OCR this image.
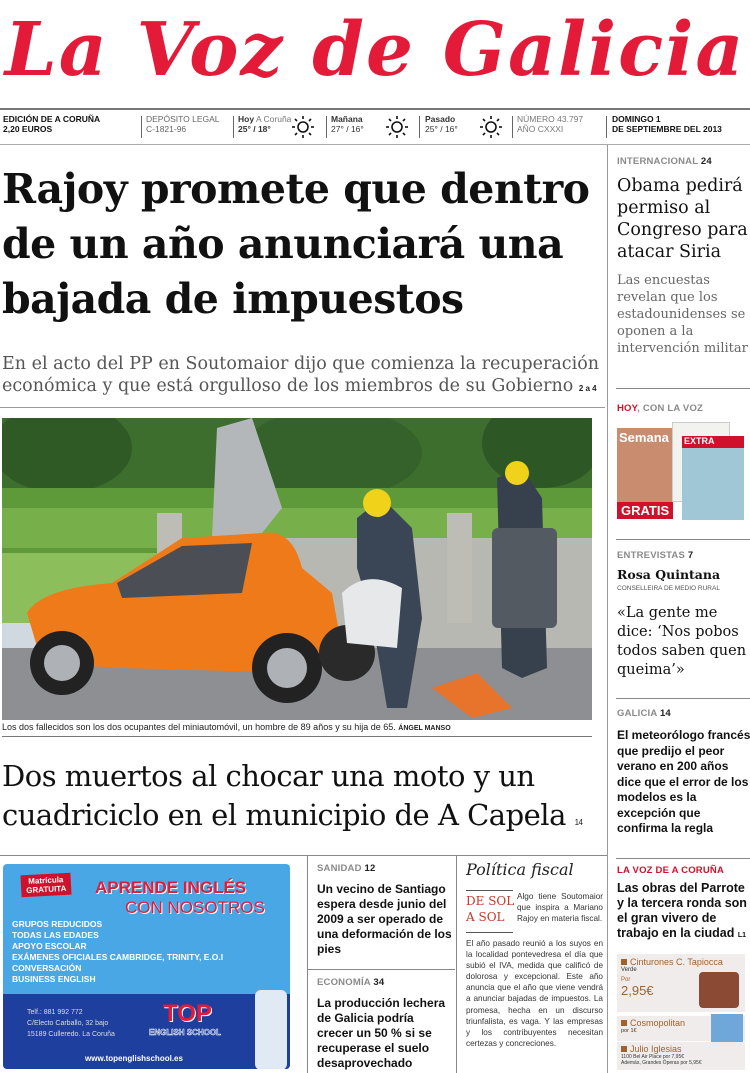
La Voz de Galicia
EDICIÓN DE A CORUÑA
2,20 EUROS
DEPÓSITO LEGAL
C-1821-96
Hoy A Coruña
25° / 18°
Mañana
27° / 16°
Pasado
25° / 16°
NÚMERO 43.797
AÑO CXXXI
DOMINGO 1
DE SEPTIEMBRE DEL 2013
Rajoy promete que dentro de un año anunciará una bajada de impuestos
En el acto del PP en Soutomaior dijo que comienza la recuperación económica y que está orgulloso de los miembros de su Gobierno 2 a 4
Los dos fallecidos son los dos ocupantes del miniautomóvil, un hombre de 89 años y su hija de 65. ÁNGEL MANSO
Dos muertos al chocar una moto y un cuadriciclo en el municipio de A Capela 14
INTERNACIONAL 24
Obama pedirá permiso al Congreso para atacar Siria
Las encuestas revelan que los estadounidenses se oponen a la intervención militar
HOY, CON LA VOZ
Semana	EXTRA
GRATIS
ENTREVISTAS 7
Rosa Quintana
CONSELLEIRA DE MEDIO RURAL
«La gente me dice: ‘Nos pobos todos saben quen queima’»
GALICIA 14
El meteorólogo francés que predijo el peor verano en 200 años dice que el error de los modelos es la excepción que confirma la regla
LA VOZ DE A CORUÑA
Las obras del Parrote y la tercera ronda son el gran vivero de trabajo en la ciudad L1
Cinturones C. Tapiocca
Verde
Por
2,95€
Cosmopolitan
por 1€
Julio Iglesias
1100 Bel Air Place por 7,95€
Además, Grandes Óperas por 5,95€
Matrícula
GRATUITA APRENDE INGLÉS
CON NOSOTROS
GRUPOS REDUCIDOS
TODAS LAS EDADES
APOYO ESCOLAR
EXÁMENES OFICIALES CAMBRIDGE, TRINITY, E.O.I
CONVERSACIÓN
BUSINESS ENGLISH
Telf.: 881 992 772
C/Electo Carballo, 32 bajo
15189 Culleredo. La Coruña
TOP
ENGLISH SCHOOL
www.topenglishschool.es
SANIDAD 12
Un vecino de Santiago espera desde junio del 2009 a ser operado de una deformación de los pies
ECONOMÍA 34
La producción lechera de Galicia podría crecer un 50 % si se recuperase el suelo desaprovechado
Política fiscal
DE SOL
A SOL
Algo tiene Soutomaior que inspira a Mariano Rajoy en materia fiscal.
El año pasado reunió a los suyos en la localidad pontevedresa el día que subió el IVA, medida que calificó de dolorosa y excepcional. Este año anuncia que el año que viene vendrá a anunciar bajadas de impuestos. La promesa, hecha en un discurso triunfalista, es vaga. Y las empresas y los contribuyentes necesitan certezas y concreciones.
